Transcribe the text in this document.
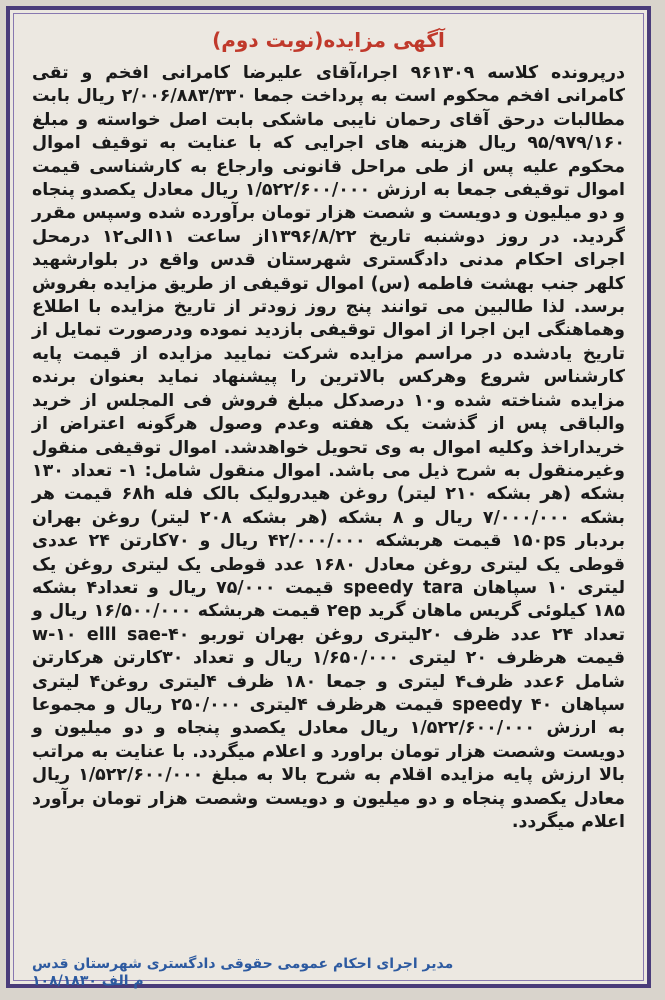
آگهی مزایده(نوبت دوم)
درپرونده کلاسه ۹۶۱۳۰۹ اجرا،آقای علیرضا کامرانی افخم و تقی کامرانی افخم محکوم است به پرداخت جمعا ۲/۰۰۶/۸۸۳/۳۳۰ ریال بابت مطالبات درحق آقای رحمان نایبی ماشکی بابت اصل خواسته و مبلغ ۹۵/۹۷۹/۱۶۰ ریال هزینه های اجرایی که با عنایت به توقیف اموال محکوم علیه پس از طی مراحل قانونی وارجاع به کارشناسی قیمت اموال توقیفی جمعا به ارزش ۱/۵۲۲/۶۰۰/۰۰۰ ریال معادل یکصدو پنجاه و دو میلیون و دویست و شصت هزار تومان برآورده شده وسپس مقرر گردید. در روز دوشنبه تاریخ ۱۳۹۶/۸/۲۲از ساعت ۱۱الی۱۲ درمحل اجرای احکام مدنی دادگستری شهرستان قدس واقع در بلوارشهید کلهر جنب بهشت فاطمه (س) اموال توقیفی از طریق مزایده بفروش برسد. لذا طالبین می توانند پنج روز زودتر از تاریخ مزایده با اطلاع وهماهنگی این اجرا از اموال توقیفی بازدید نموده ودرصورت تمایل از تاریخ یادشده در مراسم مزایده شرکت نمایید مزایده از قیمت پایه کارشناس شروع وهرکس بالاترین را پیشنهاد نماید بعنوان برنده مزایده شناخته شده و۱۰ درصدکل مبلغ فروش فی المجلس از خرید والباقی پس از گذشت یک هفته وعدم وصول هرگونه اعتراض از خریداراخذ وکلیه اموال به وی تحویل خواهدشد. اموال توقیفی منقول وغیرمنقول به شرح ذیل می باشد. اموال منقول شامل: ۱- تعداد ۱۳۰ بشکه (هر بشکه ۲۱۰ لیتر) روغن هیدرولیک بالک فله ۶۸h قیمت هر بشکه ۷/۰۰۰/۰۰۰ ریال و ۸ بشکه (هر بشکه ۲۰۸ لیتر) روغن بهران بردبار ۱۵۰ps قیمت هربشکه ۴۲/۰۰۰/۰۰۰ ریال و ۷۰کارتن ۲۴ عددی قوطی یک لیتری روغن معادل ۱۶۸۰ عدد قوطی یک لیتری روغن یک لیتری ۱۰ سپاهان speedy tara قیمت ۷۵/۰۰۰ ریال و تعداد۴ بشکه ۱۸۵ کیلوئی گریس ماهان گرید ۲ep قیمت هربشکه ۱۶/۵۰۰/۰۰۰ ریال و تعداد ۲۴ عدد ظرف ۲۰لیتری روغن بهران توربو ۴۰-w-۱۰ elll sae قیمت هرظرف ۲۰ لیتری ۱/۶۵۰/۰۰۰ ریال و تعداد ۳۰کارتن هرکارتن شامل ۶عدد ظرف۴ لیتری و جمعا ۱۸۰ ظرف ۴لیتری روغن۴ لیتری سپاهان speedy ۴۰ قیمت هرظرف ۴لیتری ۲۵۰/۰۰۰ ریال و مجموعا به ارزش ۱/۵۲۲/۶۰۰/۰۰۰ ریال معادل یکصدو پنجاه و دو میلیون و دویست وشصت هزار تومان براورد و اعلام میگردد. با عنایت به مراتب بالا ارزش پایه مزایده اقلام به شرح بالا به مبلغ ۱/۵۲۲/۶۰۰/۰۰۰ ریال معادل یکصدو پنجاه و دو میلیون و دویست وشصت هزار تومان برآورد اعلام میگردد.
مدیر اجرای احکام عمومی حقوقی دادگستری شهرستان قدس
م الف ۱۰۸/۱۸۳۰
